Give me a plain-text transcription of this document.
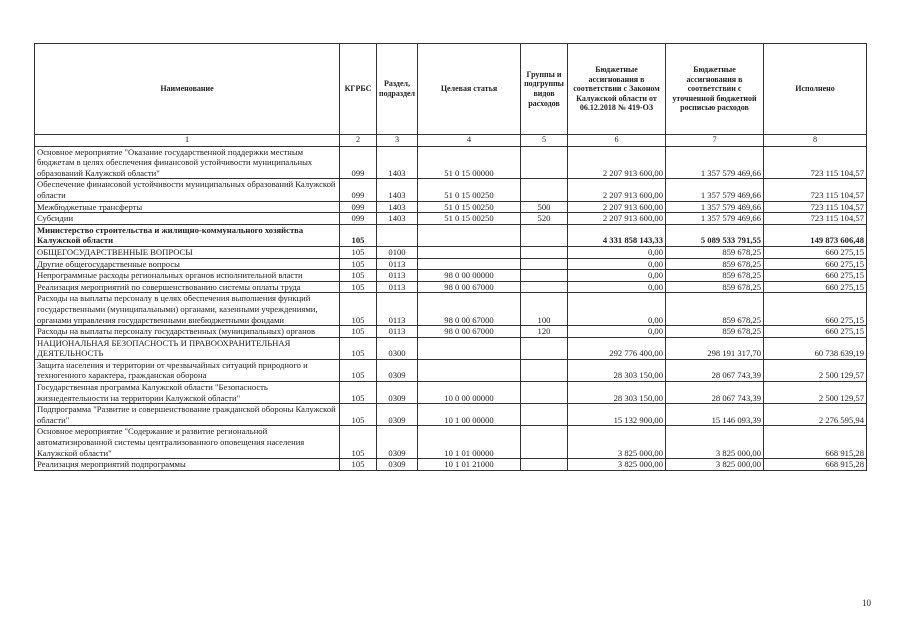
Наименование	КГРБС	Раздел, подраздел	Целевая статья	Группы и подгруппы видов расходов	Бюджетные ассигнования в соответствии с Законом Калужской области от 06.12.2018 № 419-ОЗ	Бюджетные ассигнования в соответствии с уточненной бюджетной росписью расходов	Исполнено
1	2	3	4	5	6	7	8
Основное мероприятие "Оказание государственной поддержки местным бюджетам в целях обеспечения финансовой устойчивости муниципальных образований Калужской области"	099	1403	51 0 15 00000		2 207 913 600,00	1 357 579 469,66	723 115 104,57
Обеспечение финансовой устойчивости муниципальных образований Калужской области	099	1403	51 0 15 00250		2 207 913 600,00	1 357 579 469,66	723 115 104,57
Межбюджетные трансферты	099	1403	51 0 15 00250	500	2 207 913 600,00	1 357 579 469,66	723 115 104,57
Субсидии	099	1403	51 0 15 00250	520	2 207 913 600,00	1 357 579 469,66	723 115 104,57
Министерство строительства и жилищно-коммунального хозяйства Калужской области	105				4 331 858 143,33	5 089 533 791,55	149 873 606,48
ОБЩЕГОСУДАРСТВЕННЫЕ ВОПРОСЫ	105	0100			0,00	859 678,25	660 275,15
Другие общегосударственные вопросы	105	0113			0,00	859 678,25	660 275,15
Непрограммные расходы региональных органов исполнительной власти	105	0113	98 0 00 00000		0,00	859 678,25	660 275,15
Реализация мероприятий по совершенствованию системы оплаты труда	105	0113	98 0 00 67000		0,00	859 678,25	660 275,15
Расходы на выплаты персоналу в целях обеспечения выполнения функций государственными (муниципальными) органами, казенными учреждениями, органами управления государственными внебюджетными фондами	105	0113	98 0 00 67000	100	0,00	859 678,25	660 275,15
Расходы на выплаты персоналу государственных (муниципальных) органов	105	0113	98 0 00 67000	120	0,00	859 678,25	660 275,15
НАЦИОНАЛЬНАЯ БЕЗОПАСНОСТЬ И ПРАВООХРАНИТЕЛЬНАЯ ДЕЯТЕЛЬНОСТЬ	105	0300			292 776 400,00	298 191 317,70	60 738 639,19
Защита населения и территории от чрезвычайных ситуаций природного и техногенного характера, гражданская оборона	105	0309			28 303 150,00	28 067 743,39	2 500 129,57
Государственная программа Калужской области "Безопасность жизнедеятельности на территории Калужской области"	105	0309	10 0 00 00000		28 303 150,00	28 067 743,39	2 500 129,57
Подпрограмма "Развитие и совершенствование гражданской обороны Калужской области"	105	0309	10 1 00 00000		15 132 900,00	15 146 093,39	2 276 595,94
Основное мероприятие "Содержание и развитие региональной автоматизированной системы централизованного оповещения населения Калужской области"	105	0309	10 1 01 00000		3 825 000,00	3 825 000,00	668 915,28
Реализация мероприятий подпрограммы	105	0309	10 1 01 21000		3 825 000,00	3 825 000,00	668 915,28
10
